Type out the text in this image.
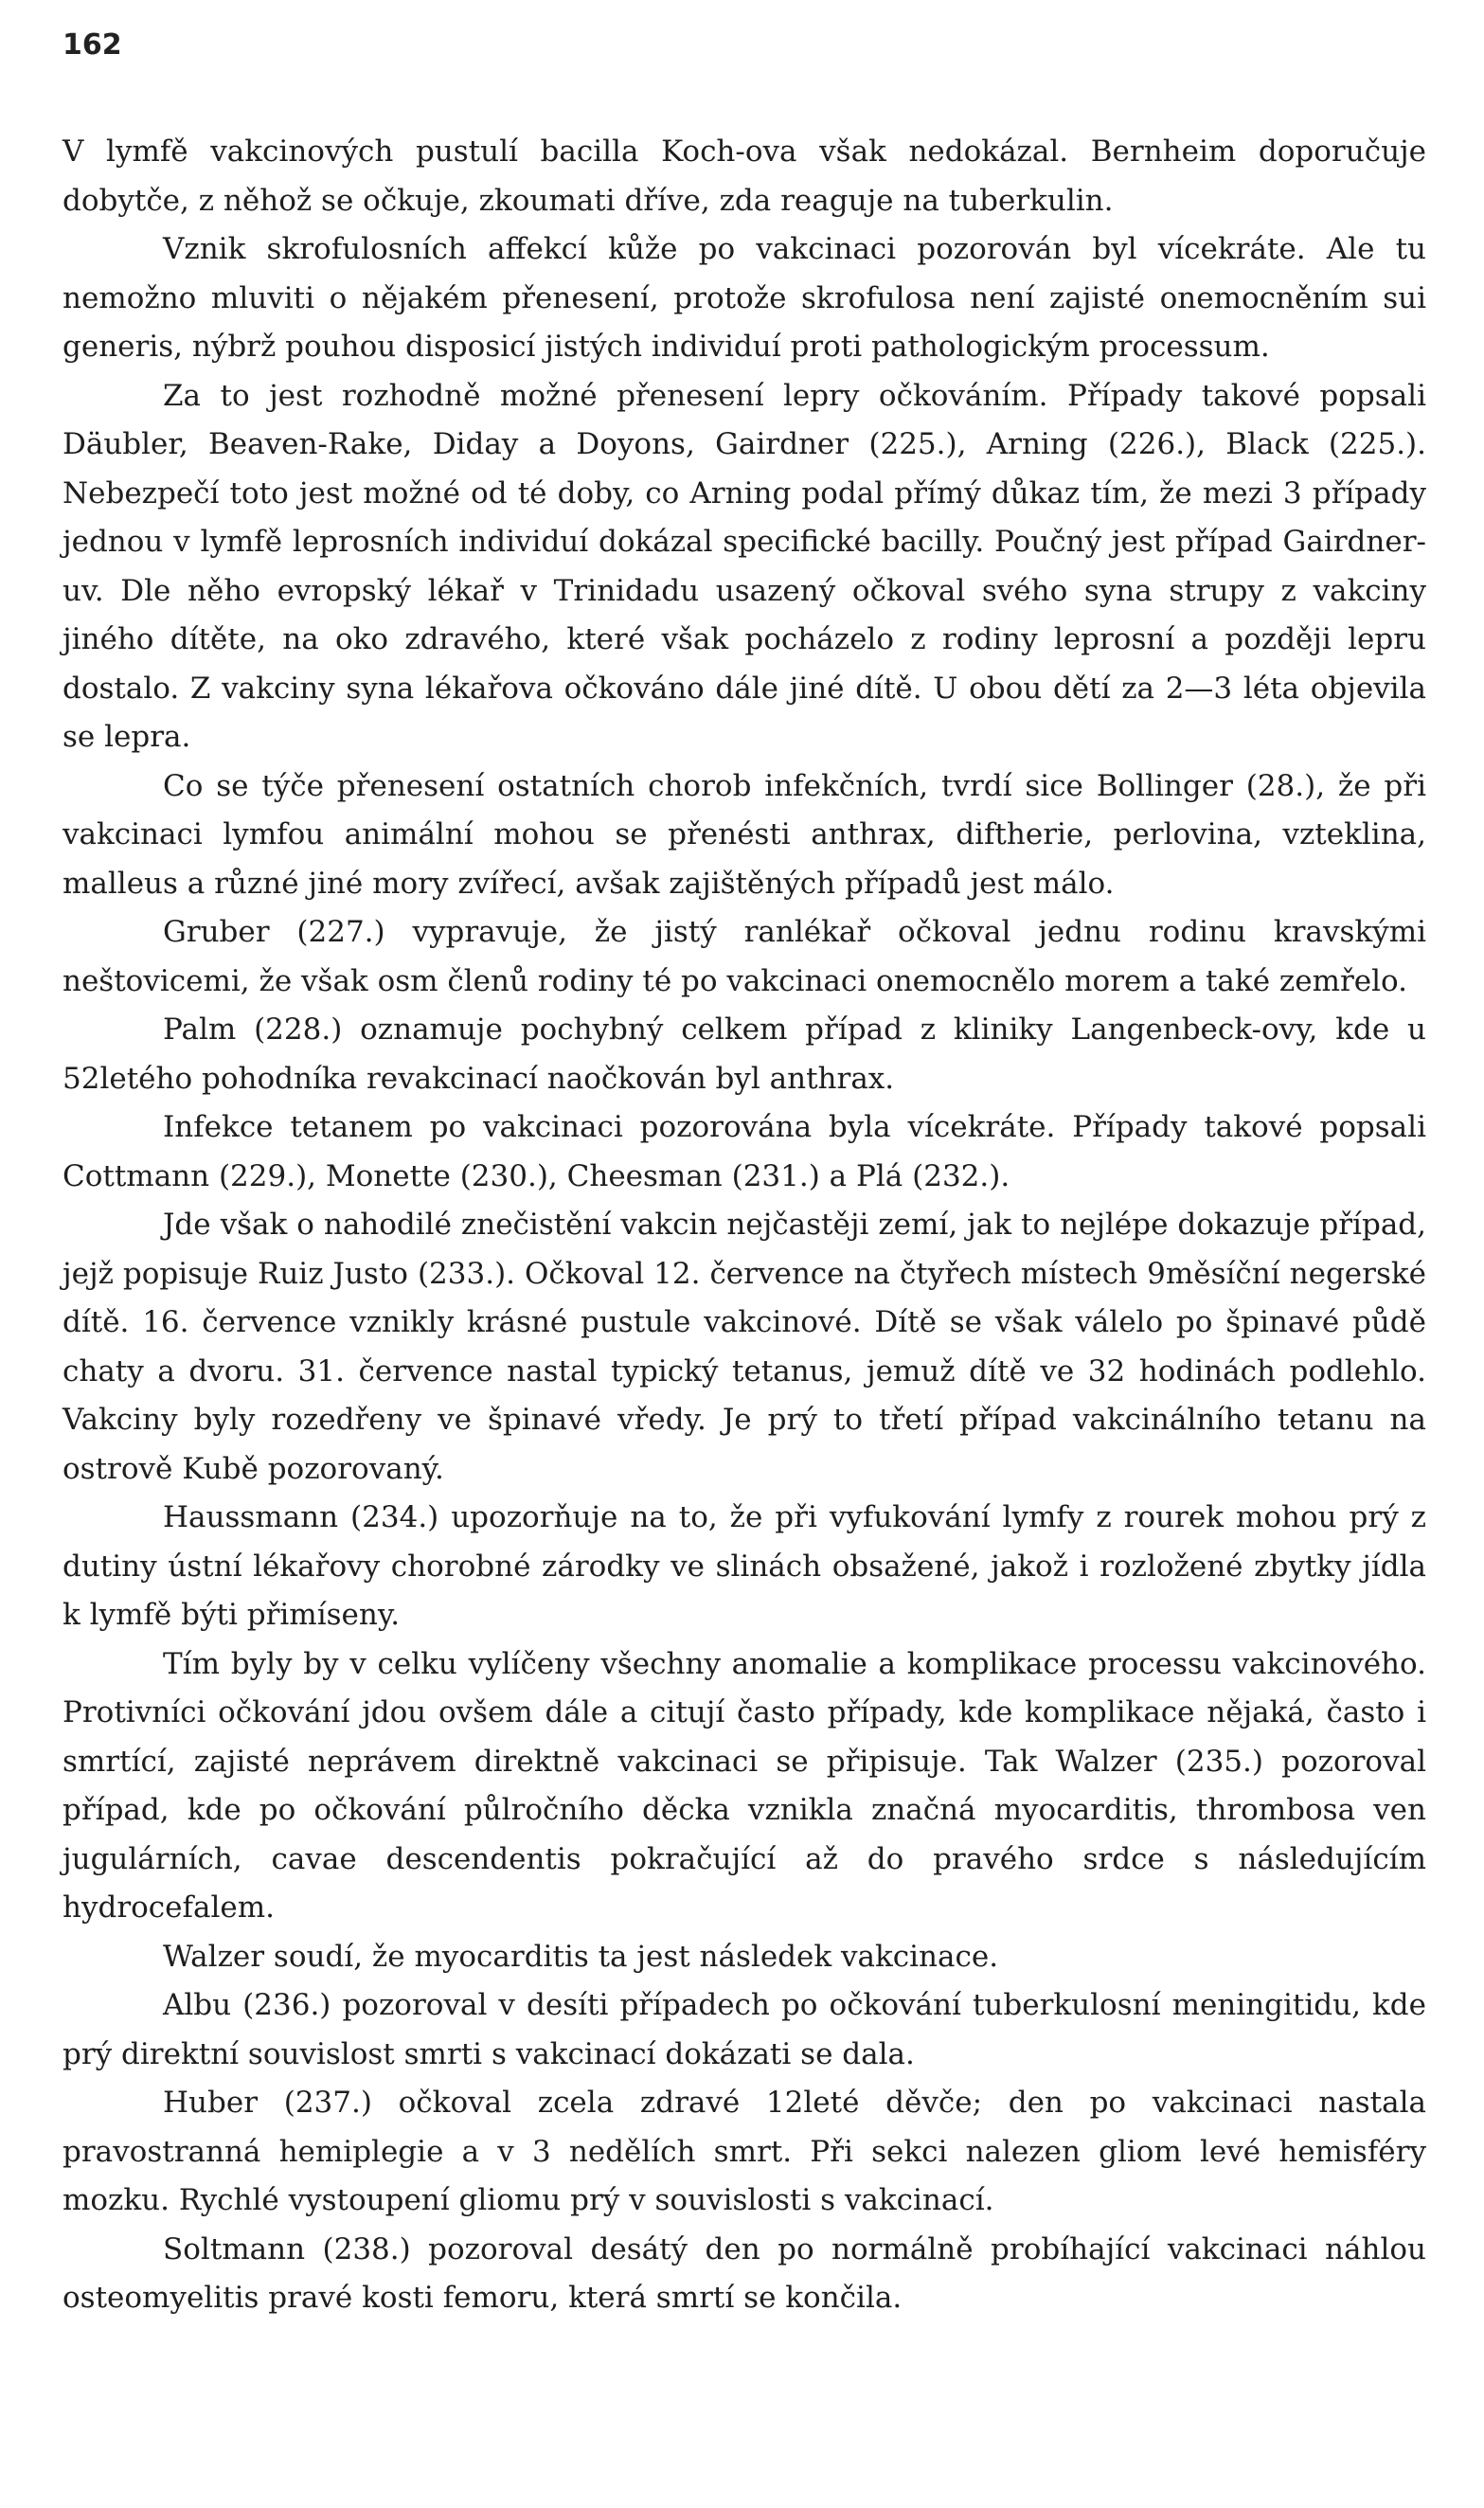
162

V lymfě vakcinových pustulí bacilla Koch-ova však nedokázal. Bernheim doporučuje dobytče, z něhož se očkuje, zkoumati dříve, zda reaguje na tuberkulin.

Vznik skrofulosních affekcí kůže po vakcinaci pozorován byl vícekráte. Ale tu nemožno mluviti o nějakém přenesení, protože skrofulosa není zajisté onemocněním sui generis, nýbrž pouhou disposicí jistých individuí proti pathologickým processum.

Za to jest rozhodně možné přenesení lepry očkováním. Případy takové popsali Däubler, Beaven-Rake, Diday a Doyons, Gairdner (225.), Arning (226.), Black (225.). Nebezpečí toto jest možné od té doby, co Arning podal přímý důkaz tím, že mezi 3 případy jednou v lymfě leprosních individuí dokázal specifické bacilly. Poučný jest případ Gairdner-uv. Dle něho evropský lékař v Trinidadu usazený očkoval svého syna strupy z vakciny jiného dítěte, na oko zdravého, které však pocházelo z rodiny leprosní a později lepru dostalo. Z vakciny syna lékařova očkováno dále jiné dítě. U obou dětí za 2—3 léta objevila se lepra.

Co se týče přenesení ostatních chorob infekčních, tvrdí sice Bollinger (28.), že při vakcinaci lymfou animální mohou se přenésti anthrax, diftherie, perlovina, vzteklina, malleus a různé jiné mory zvířecí, avšak zajištěných případů jest málo.

Gruber (227.) vypravuje, že jistý ranlékař očkoval jednu rodinu kravskými neštovicemi, že však osm členů rodiny té po vakcinaci onemocnělo morem a také zemřelo.

Palm (228.) oznamuje pochybný celkem případ z kliniky Langenbeck-ovy, kde u 52letého pohodníka revakcinací naočkován byl anthrax.

Infekce tetanem po vakcinaci pozorována byla vícekráte. Případy takové popsali Cottmann (229.), Monette (230.), Cheesman (231.) a Plá (232.).

Jde však o nahodilé znečistění vakcin nejčastěji zemí, jak to nejlépe dokazuje případ, jejž popisuje Ruiz Justo (233.). Očkoval 12. července na čtyřech místech 9měsíční negerské dítě. 16. července vznikly krásné pustule vakcinové. Dítě se však válelo po špinavé půdě chaty a dvoru. 31. července nastal typický tetanus, jemuž dítě ve 32 hodinách podlehlo. Vakciny byly rozedřeny ve špinavé vředy. Je prý to třetí případ vakcinálního tetanu na ostrově Kubě pozorovaný.

Haussmann (234.) upozorňuje na to, že při vyfukování lymfy z rourek mohou prý z dutiny ústní lékařovy chorobné zárodky ve slinách obsažené, jakož i rozložené zbytky jídla k lymfě býti přimíseny.

Tím byly by v celku vylíčeny všechny anomalie a komplikace processu vakcinového. Protivníci očkování jdou ovšem dále a citují často případy, kde komplikace nějaká, často i smrtící, zajisté neprávem direktně vakcinaci se připisuje. Tak Walzer (235.) pozoroval případ, kde po očkování půlročního děcka vznikla značná myocarditis, thrombosa ven jugulárních, cavae descendentis pokračující až do pravého srdce s následujícím hydrocefalem.

Walzer soudí, že myocarditis ta jest následek vakcinace.

Albu (236.) pozoroval v desíti případech po očkování tuberkulosní meningitidu, kde prý direktní souvislost smrti s vakcinací dokázati se dala.

Huber (237.) očkoval zcela zdravé 12leté děvče; den po vakcinaci nastala pravostranná hemiplegie a v 3 nedělích smrt. Při sekci nalezen gliom levé hemisféry mozku. Rychlé vystoupení gliomu prý v souvislosti s vakcinací.

Soltmann (238.) pozoroval desátý den po normálně probíhající vakcinaci náhlou osteomyelitis pravé kosti femoru, která smrtí se končila.
